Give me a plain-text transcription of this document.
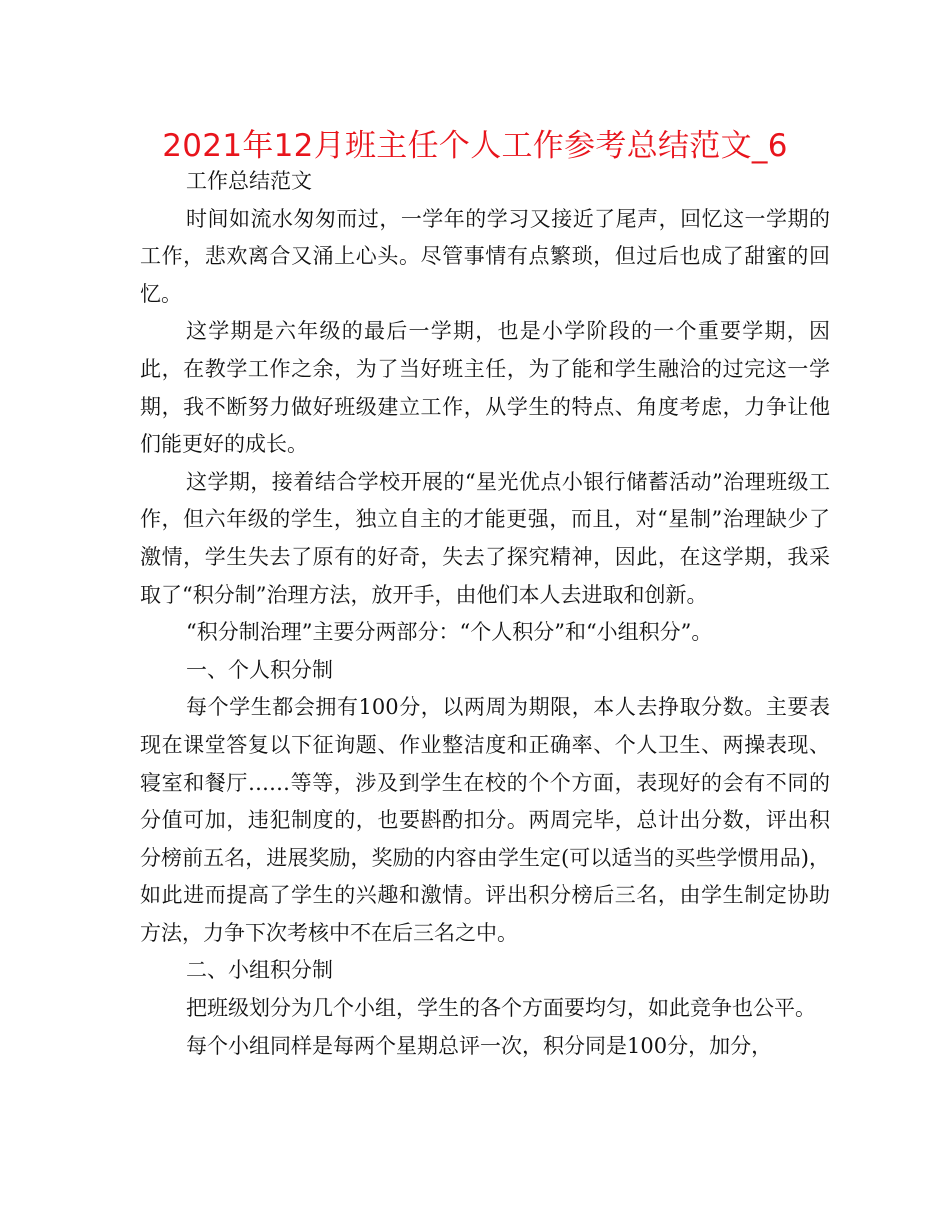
2021年12月班主任个人工作参考总结范文_6

工作总结范文

时间如流水匆匆而过，一学年的学习又接近了尾声，回忆这一学期的工作，悲欢离合又涌上心头。尽管事情有点繁琐，但过后也成了甜蜜的回忆。

这学期是六年级的最后一学期，也是小学阶段的一个重要学期，因此，在教学工作之余，为了当好班主任，为了能和学生融洽的过完这一学期，我不断努力做好班级建立工作，从学生的特点、角度考虑，力争让他们能更好的成长。

这学期，接着结合学校开展的“星光优点小银行储蓄活动”治理班级工作，但六年级的学生，独立自主的才能更强，而且，对“星制”治理缺少了激情，学生失去了原有的好奇，失去了探究精神，因此，在这学期，我采取了“积分制”治理方法，放开手，由他们本人去进取和创新。

“积分制治理”主要分两部分：“个人积分”和“小组积分”。

一、个人积分制

每个学生都会拥有100分，以两周为期限，本人去挣取分数。主要表现在课堂答复以下征询题、作业整洁度和正确率、个人卫生、两操表现、寝室和餐厅……等等，涉及到学生在校的个个方面，表现好的会有不同的分值可加，违犯制度的，也要斟酌扣分。两周完毕，总计出分数，评出积分榜前五名，进展奖励，奖励的内容由学生定(可以适当的买些学惯用品)，如此进而提高了学生的兴趣和激情。评出积分榜后三名，由学生制定协助方法，力争下次考核中不在后三名之中。

二、小组积分制

把班级划分为几个小组，学生的各个方面要均匀，如此竞争也公平。

每个小组同样是每两个星期总评一次，积分同是100分，加分，
